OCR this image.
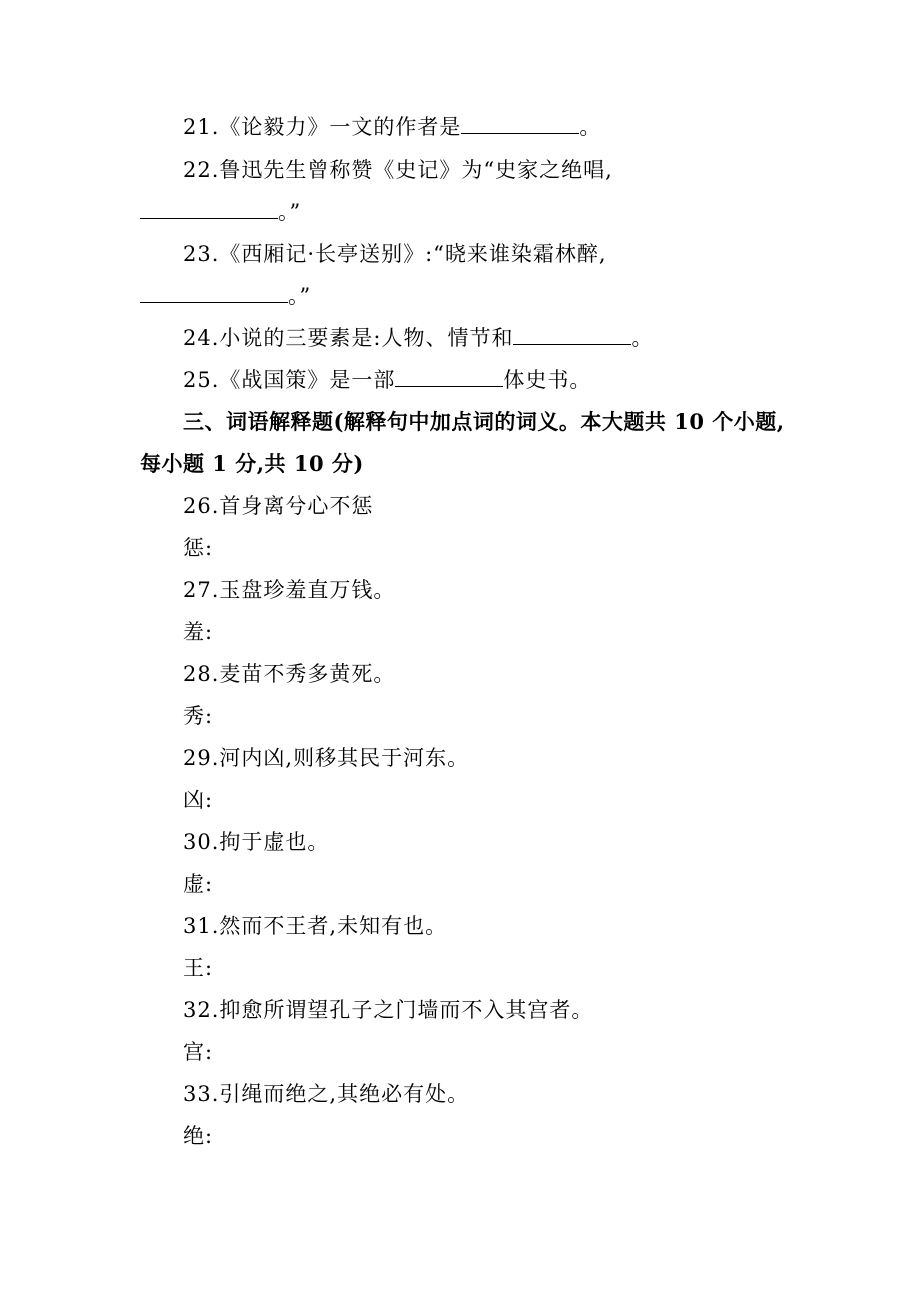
21.《论毅力》一文的作者是	。
22.鲁迅先生曾称赞《史记》为“史家之绝唱,
。”
23.《西厢记·长亭送别》:“晓来谁染霜林醉,
。”
24.小说的三要素是:人物、情节和	。
25.《战国策》是一部	体史书。
三、词语解释题(解释句中加点词的词义。本大题共 10 个小题,
每小题 1 分,共 10 分)
26.首身离兮心不惩
惩:
27.玉盘珍羞直万钱。
羞:
28.麦苗不秀多黄死。
秀:
29.河内凶,则移其民于河东。
凶:
30.拘于虚也。
虚:
31.然而不王者,未知有也。
王:
32.抑愈所谓望孔子之门墙而不入其宫者。
宫:
33.引绳而绝之,其绝必有处。
绝:
